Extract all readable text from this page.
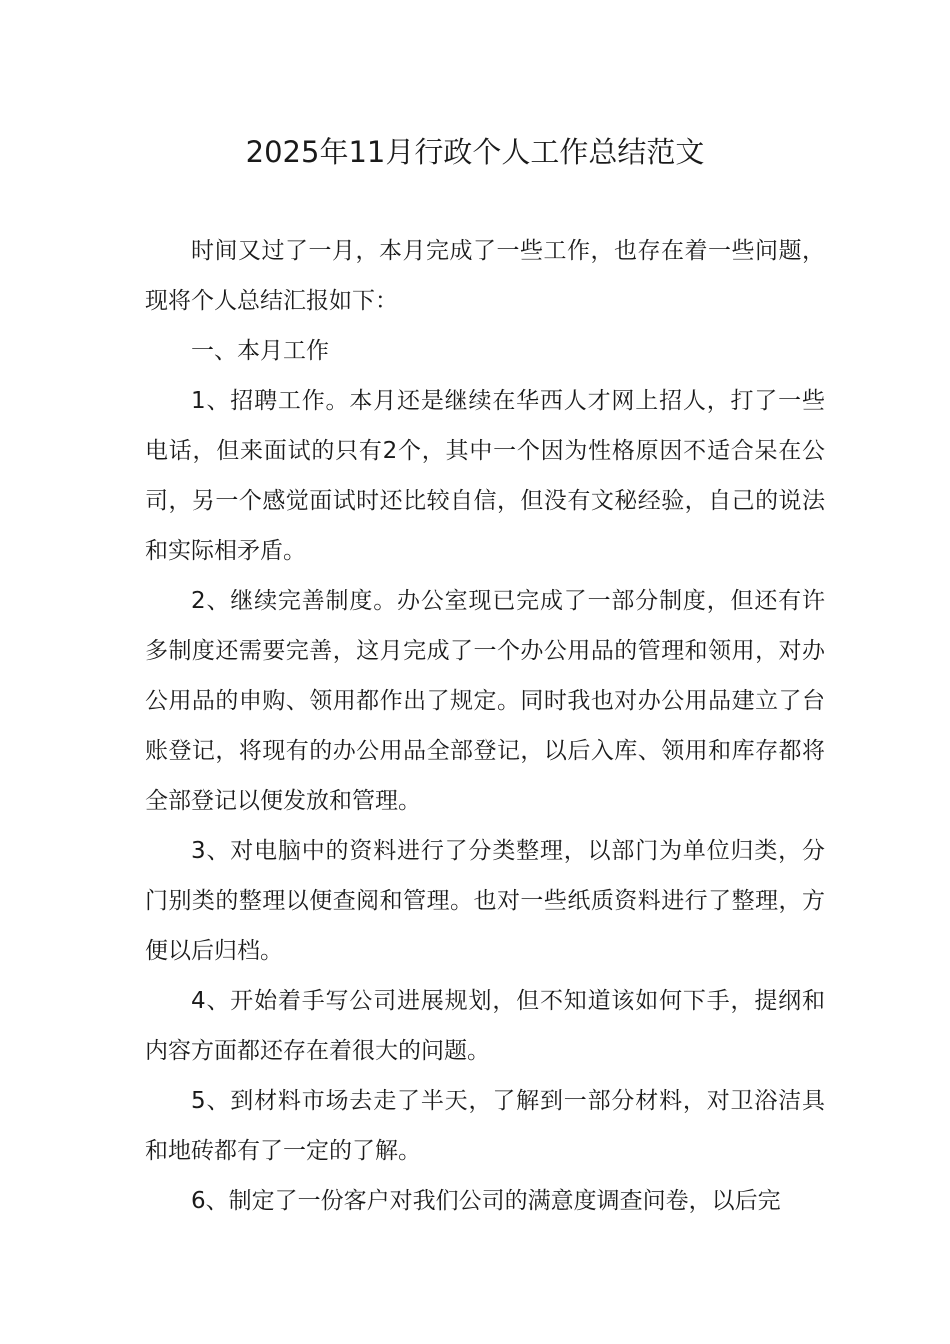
2025年11月行政个人工作总结范文

时间又过了一月，本月完成了一些工作，也存在着一些问题，现将个人总结汇报如下：

一、本月工作

1、招聘工作。本月还是继续在华西人才网上招人，打了一些电话，但来面试的只有2个，其中一个因为性格原因不适合呆在公司，另一个感觉面试时还比较自信，但没有文秘经验，自己的说法和实际相矛盾。

2、继续完善制度。办公室现已完成了一部分制度，但还有许多制度还需要完善，这月完成了一个办公用品的管理和领用，对办公用品的申购、领用都作出了规定。同时我也对办公用品建立了台账登记，将现有的办公用品全部登记，以后入库、领用和库存都将全部登记以便发放和管理。

3、对电脑中的资料进行了分类整理，以部门为单位归类，分门别类的整理以便查阅和管理。也对一些纸质资料进行了整理，方便以后归档。

4、开始着手写公司进展规划，但不知道该如何下手，提纲和内容方面都还存在着很大的问题。

5、到材料市场去走了半天，了解到一部分材料，对卫浴洁具和地砖都有了一定的了解。

6、制定了一份客户对我们公司的满意度调查问卷，以后完
